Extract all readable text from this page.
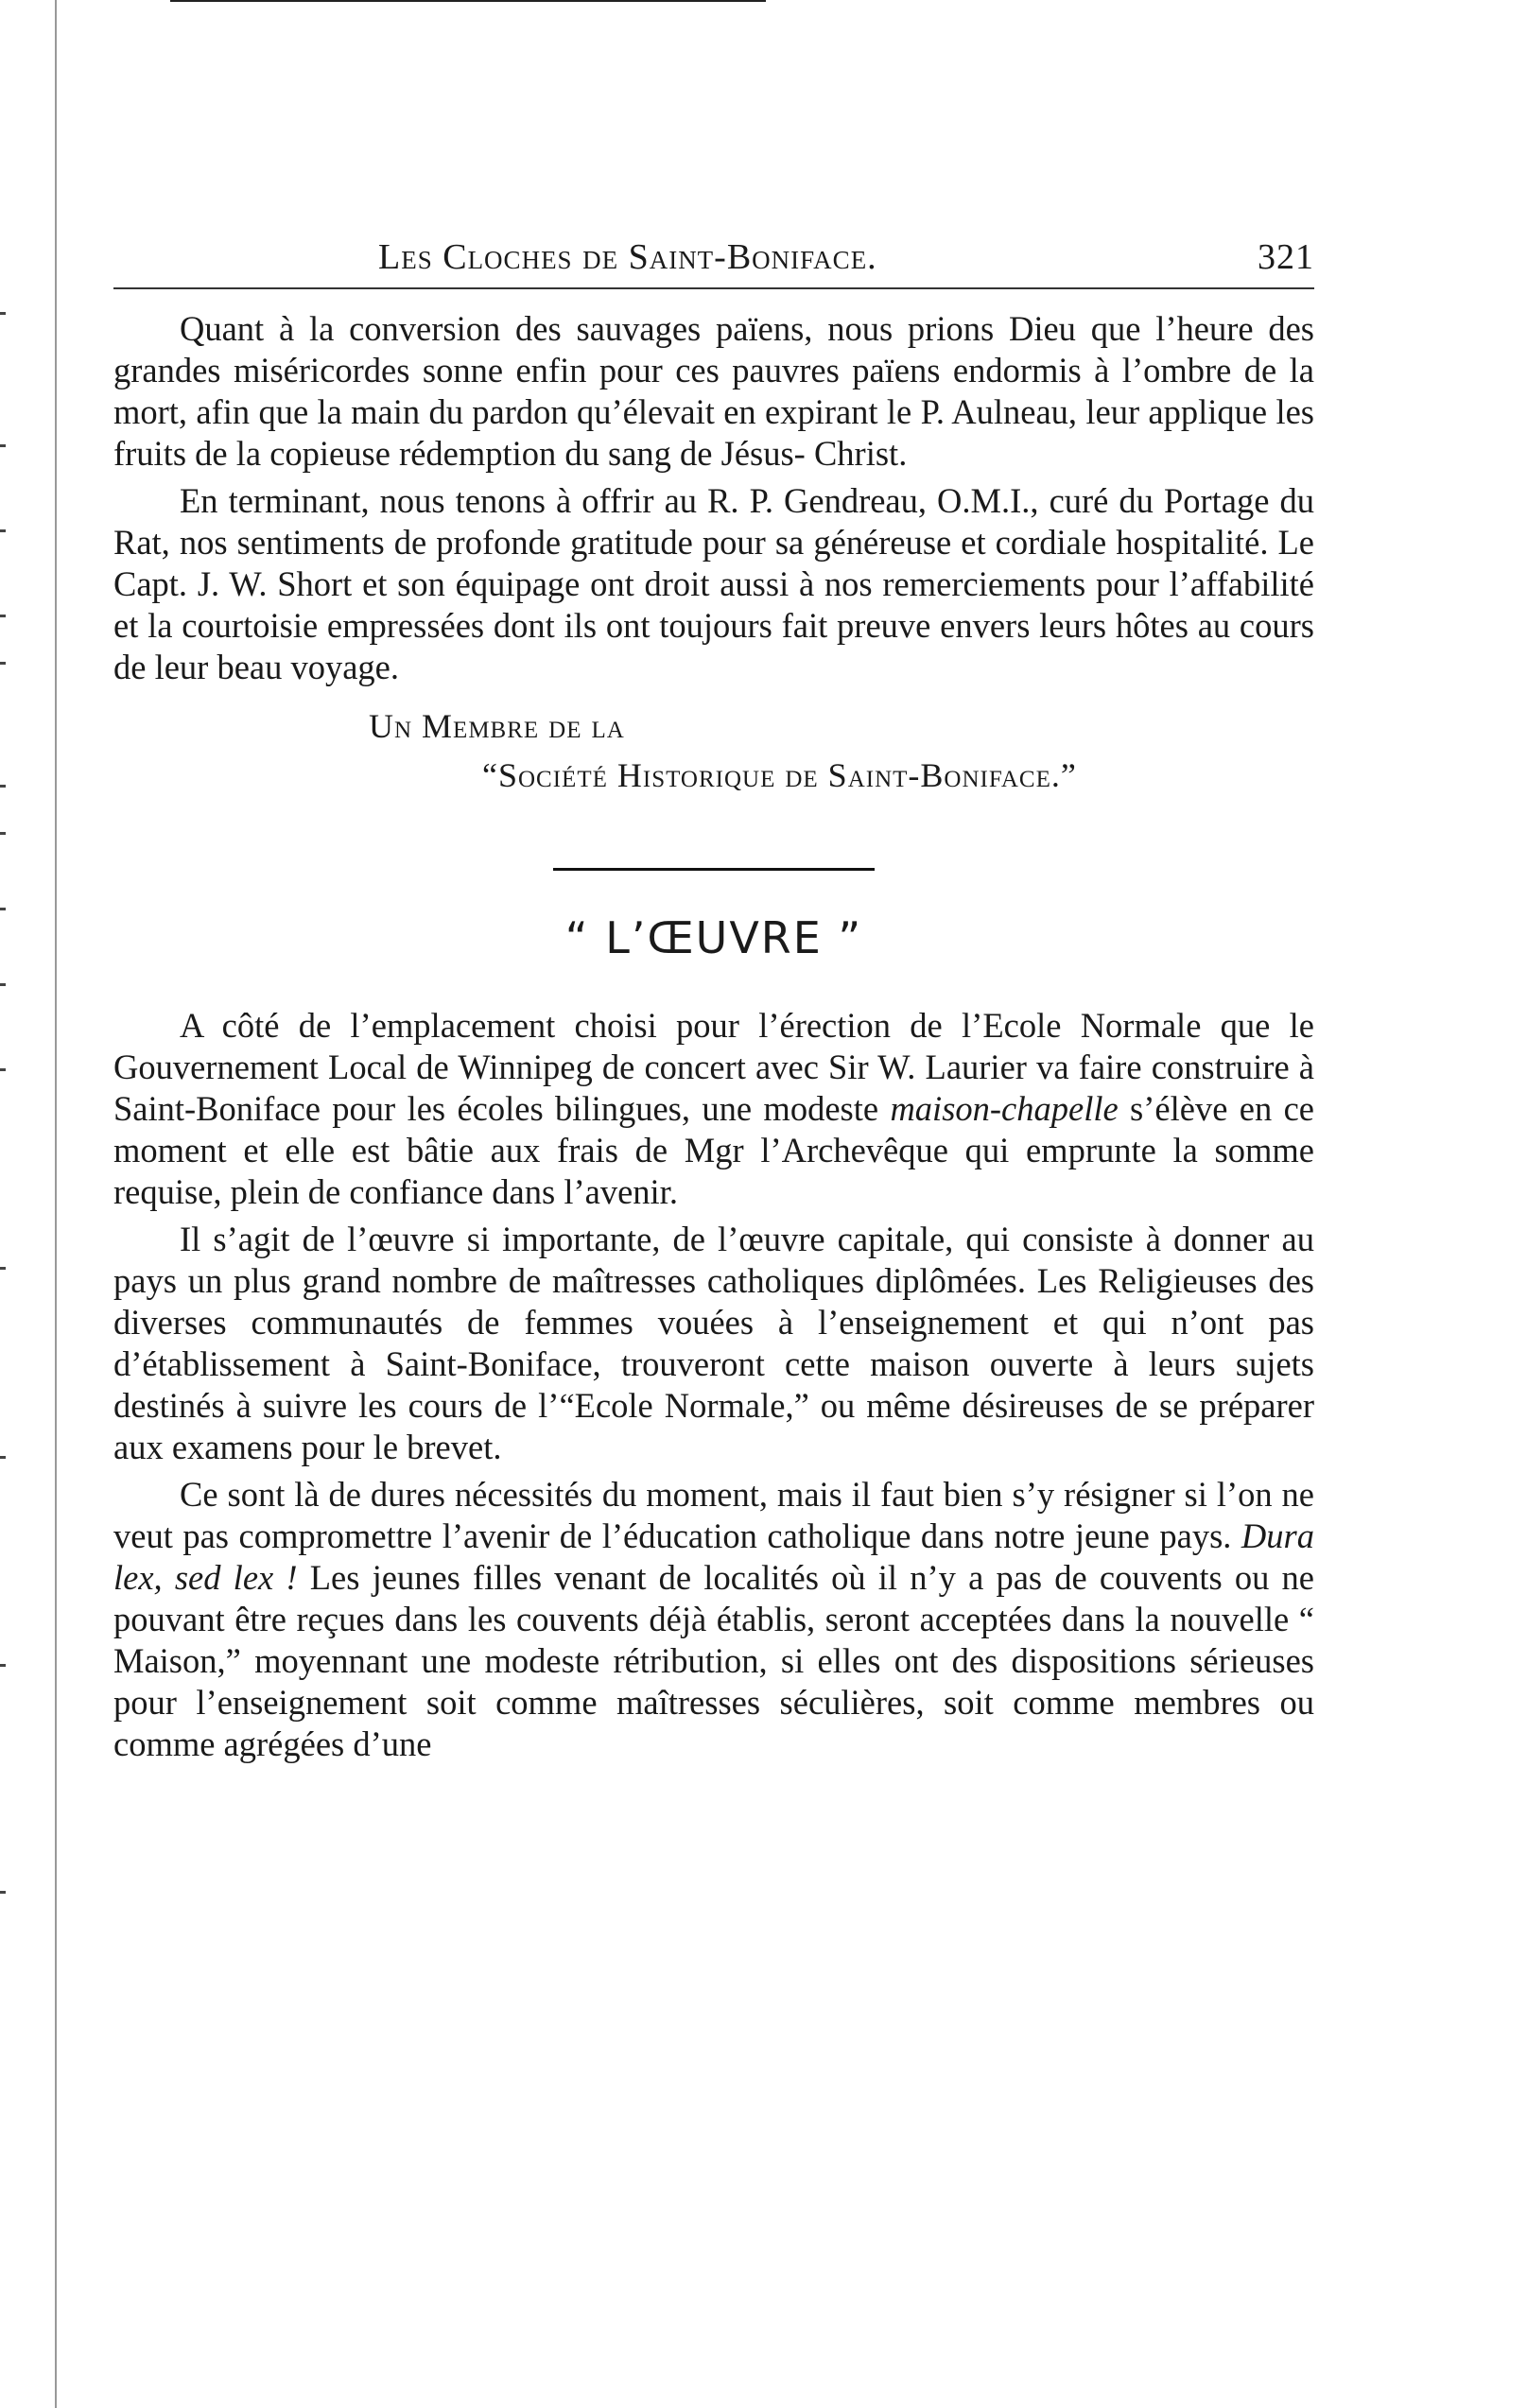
Les Cloches de Saint-Boniface.	321

Quant à la conversion des sauvages païens, nous prions Dieu que l’heure des grandes miséricordes sonne enfin pour ces pauvres païens endormis à l’ombre de la mort, afin que la main du pardon qu’élevait en expirant le P. Aulneau, leur applique les fruits de la copieuse rédemption du sang de Jésus- Christ.

En terminant, nous tenons à offrir au R. P. Gendreau, O.M.I., curé du Portage du Rat, nos sentiments de profonde gratitude pour sa généreuse et cordiale hospitalité. Le Capt. J. W. Short et son équipage ont droit aussi à nos remerciements pour l’affabilité et la courtoisie empressées dont ils ont toujours fait preuve envers leurs hôtes au cours de leur beau voyage.

Un Membre de la
“Société Historique de Saint-Boniface.”
“ L’ŒUVRE ”

A côté de l’emplacement choisi pour l’érection de l’Ecole Normale que le Gouvernement Local de Winnipeg de concert avec Sir W. Laurier va faire construire à Saint-Boniface pour les écoles bilingues, une modeste maison-chapelle s’élève en ce moment et elle est bâtie aux frais de Mgr l’Archevêque qui emprunte la somme requise, plein de confiance dans l’avenir.

Il s’agit de l’œuvre si importante, de l’œuvre capitale, qui consiste à donner au pays un plus grand nombre de maîtresses catholiques diplômées. Les Religieuses des diverses communautés de femmes vouées à l’enseignement et qui n’ont pas d’établissement à Saint-Boniface, trouveront cette maison ouverte à leurs sujets destinés à suivre les cours de l’“Ecole Normale,” ou même désireuses de se préparer aux examens pour le brevet.

Ce sont là de dures nécessités du moment, mais il faut bien s’y résigner si l’on ne veut pas compromettre l’avenir de l’éducation catholique dans notre jeune pays. Dura lex, sed lex ! Les jeunes filles venant de localités où il n’y a pas de couvents ou ne pouvant être reçues dans les couvents déjà établis, seront acceptées dans la nouvelle “ Maison,” moyennant une modeste rétribution, si elles ont des dispositions sérieuses pour l’enseignement soit comme maîtresses séculières, soit comme membres ou comme agrégées d’une
